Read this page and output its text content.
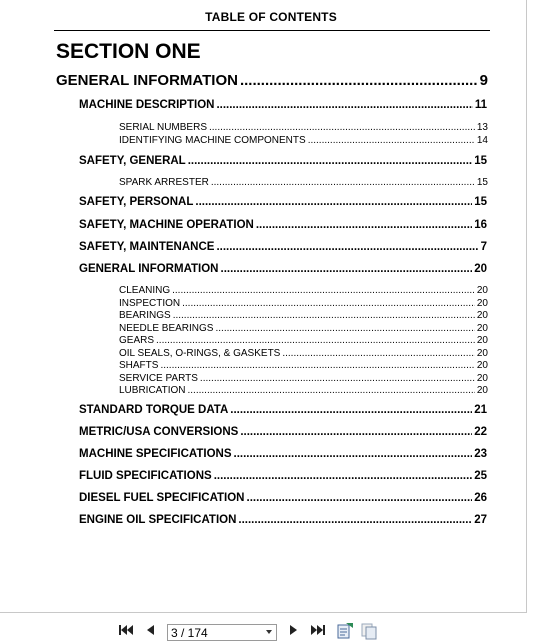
TABLE OF CONTENTS
SECTION ONE
GENERAL INFORMATION .....	9
MACHINE DESCRIPTION .....	11
SERIAL NUMBERS .....	13
IDENTIFYING MACHINE COMPONENTS .....	14
SAFETY, GENERAL .....	15
SPARK ARRESTER .....	15
SAFETY, PERSONAL .....	15
SAFETY, MACHINE OPERATION .....	16
SAFETY, MAINTENANCE .....	7
GENERAL INFORMATION .....	20
CLEANING .....	20
INSPECTION .....	20
BEARINGS .....	20
NEEDLE BEARINGS .....	20
GEARS .....	20
OIL SEALS, O-RINGS, & GASKETS .....	20
SHAFTS .....	20
SERVICE PARTS .....	20
LUBRICATION .....	20
STANDARD TORQUE DATA .....	21
METRIC/USA CONVERSIONS .....	22
MACHINE SPECIFICATIONS .....	23
FLUID SPECIFICATIONS .....	25
DIESEL FUEL SPECIFICATION .....	26
ENGINE OIL SPECIFICATION .....	27
3 / 174
